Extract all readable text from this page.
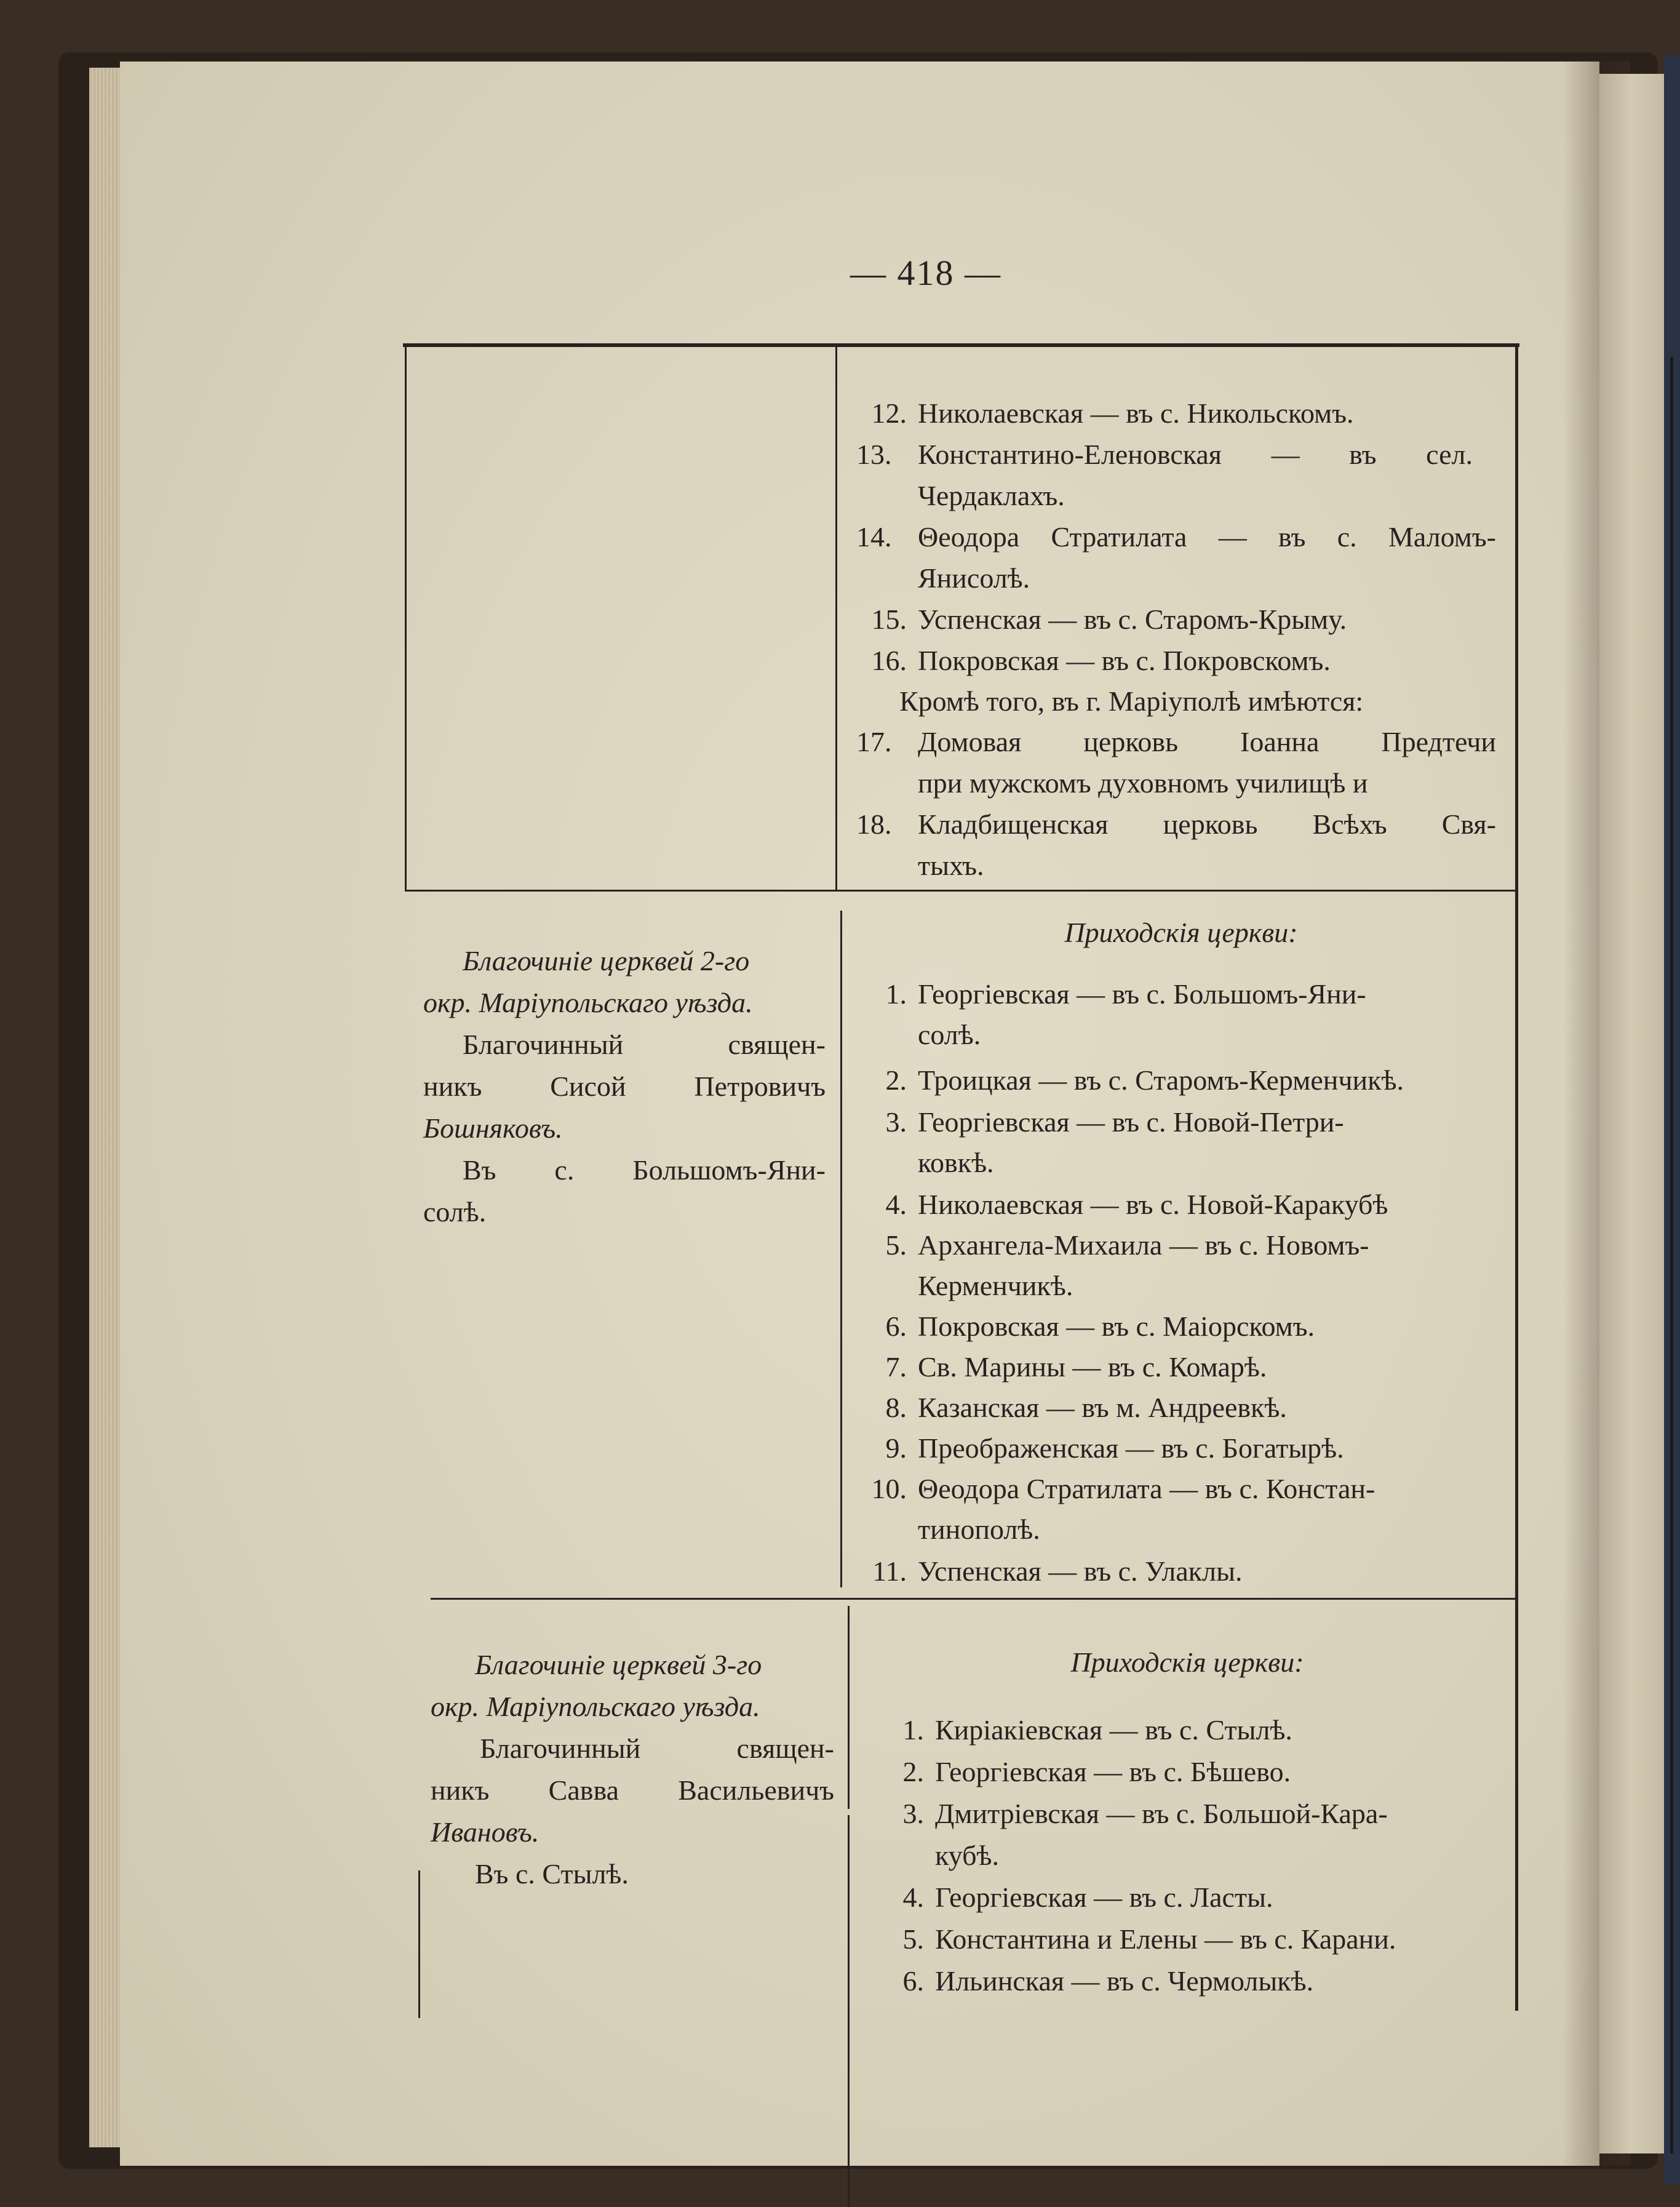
— 418 —
12. Николаевская — въ с. Никольскомъ.
13. Константино-Еленовская — въ сел.
Чердаклахъ.
14. Θеодора Стратилата — въ с. Маломъ-
Янисолѣ.
15. Успенская — въ с. Старомъ-Крыму.
16. Покровская — въ с. Покровскомъ.
Кромѣ того, въ г. Маріуполѣ имѣются:
17. Домовая церковь Іоанна Предтечи
при мужскомъ духовномъ училищѣ и
18. Кладбищенская церковь Всѣхъ Свя-
тыхъ.
Благочиніе церквей 2-го
окр. Маріупольскаго уѣзда.
Благочинный священ-
никъ Сисой Петровичъ
Бошняковъ.
Въ с. Большомъ-Яни-
солѣ.
Приходскія церкви:
1. Георгіевская — въ с. Большомъ-Яни-
солѣ.
2. Троицкая — въ с. Старомъ-Керменчикѣ.
3. Георгіевская — въ с. Новой-Петри-
ковкѣ.
4. Николаевская — въ с. Новой-Каракубѣ
5. Архангела-Михаила — въ с. Новомъ-
Керменчикѣ.
6. Покровская — въ с. Маіорскомъ.
7. Св. Марины — въ с. Комарѣ.
8. Казанская — въ м. Андреевкѣ.
9. Преображенская — въ с. Богатырѣ.
10. Θеодора Стратилата — въ с. Констан-
тинополѣ.
11. Успенская — въ с. Улаклы.
Благочиніе церквей 3-го
окр. Маріупольскаго уѣзда.
Благочинный священ-
никъ Савва Васильевичъ
Ивановъ.
Въ с. Стылѣ.
Приходскія церкви:
1. Киріакіевская — въ с. Стылѣ.
2. Георгіевская — въ с. Бѣшево.
3. Дмитріевская — въ с. Большой-Кара-
кубѣ.
4. Георгіевская — въ с. Ласты.
5. Константина и Елены — въ с. Карани.
6. Ильинская — въ с. Чермолыкѣ.
